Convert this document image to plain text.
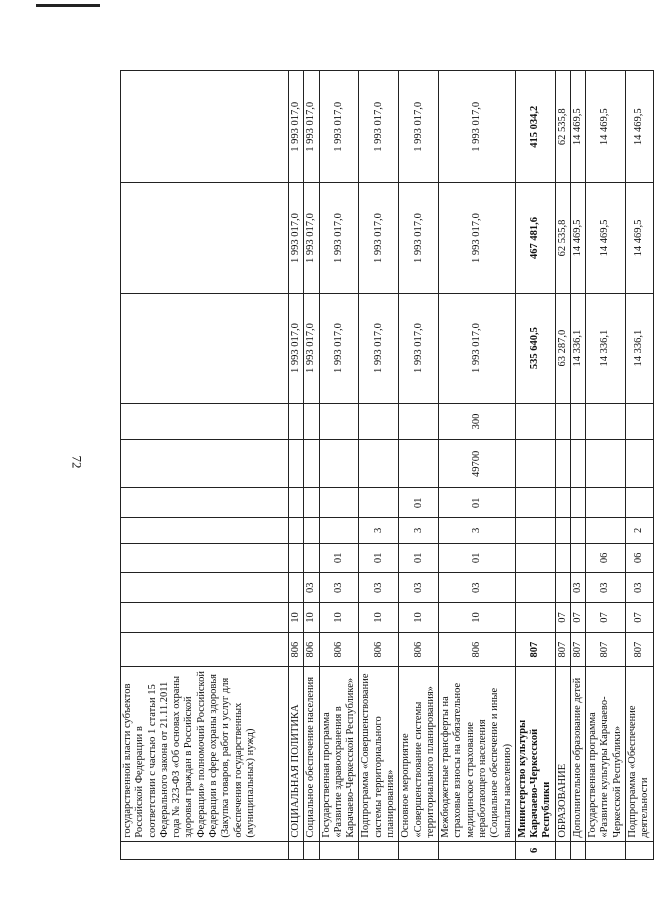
72
	государственной власти субъектов Российской Федерации в соответствии с частью 1 статьи 15 Федерального закона от 21.11.2011 года № 323-ФЗ «Об основах охраны здоровья граждан в Российской Федерации» полномочий Российской Федерации в сфере охраны здоровья (Закупка товаров, работ и услуг для обеспечения государственных (муниципальных) нужд)											
	СОЦИАЛЬНАЯ ПОЛИТИКА	806	10							1 993 017,0	1 993 017,0	1 993 017,0
	Социальное обеспечение населения	806	10	03						1 993 017,0	1 993 017,0	1 993 017,0
	Государственная программа «Развитие здравоохранения в Карачаево-Черкесской Республике»	806	10	03	01					1 993 017,0	1 993 017,0	1 993 017,0
	Подпрограмма «Совершенствование системы территориального планирования»	806	10	03	01	3				1 993 017,0	1 993 017,0	1 993 017,0
	Основное мероприятие «Совершенствование системы территориального планирования»	806	10	03	01	3	01			1 993 017,0	1 993 017,0	1 993 017,0
	Межбюджетные трансферты на страховые взносы на обязательное медицинское страхование неработающего населения (Социальное обеспечение и иные выплаты населению)	806	10	03	01	3	01	49700	300	1 993 017,0	1 993 017,0	1 993 017,0
6	Министерство культуры Карачаево-Черкесской Республики	807								535 640,5	467 481,6	415 034,2
	ОБРАЗОВАНИЕ	807	07							63 287,0	62 535,8	62 535,8
	Дополнительное образование детей	807	07	03						14 336,1	14 469,5	14 469,5
	Государственная программа «Развитие культуры Карачаево-Черкесской Республики»	807	07	03	06					14 336,1	14 469,5	14 469,5
	Подпрограмма «Обеспечение деятельности	807	07	03	06	2				14 336,1	14 469,5	14 469,5
